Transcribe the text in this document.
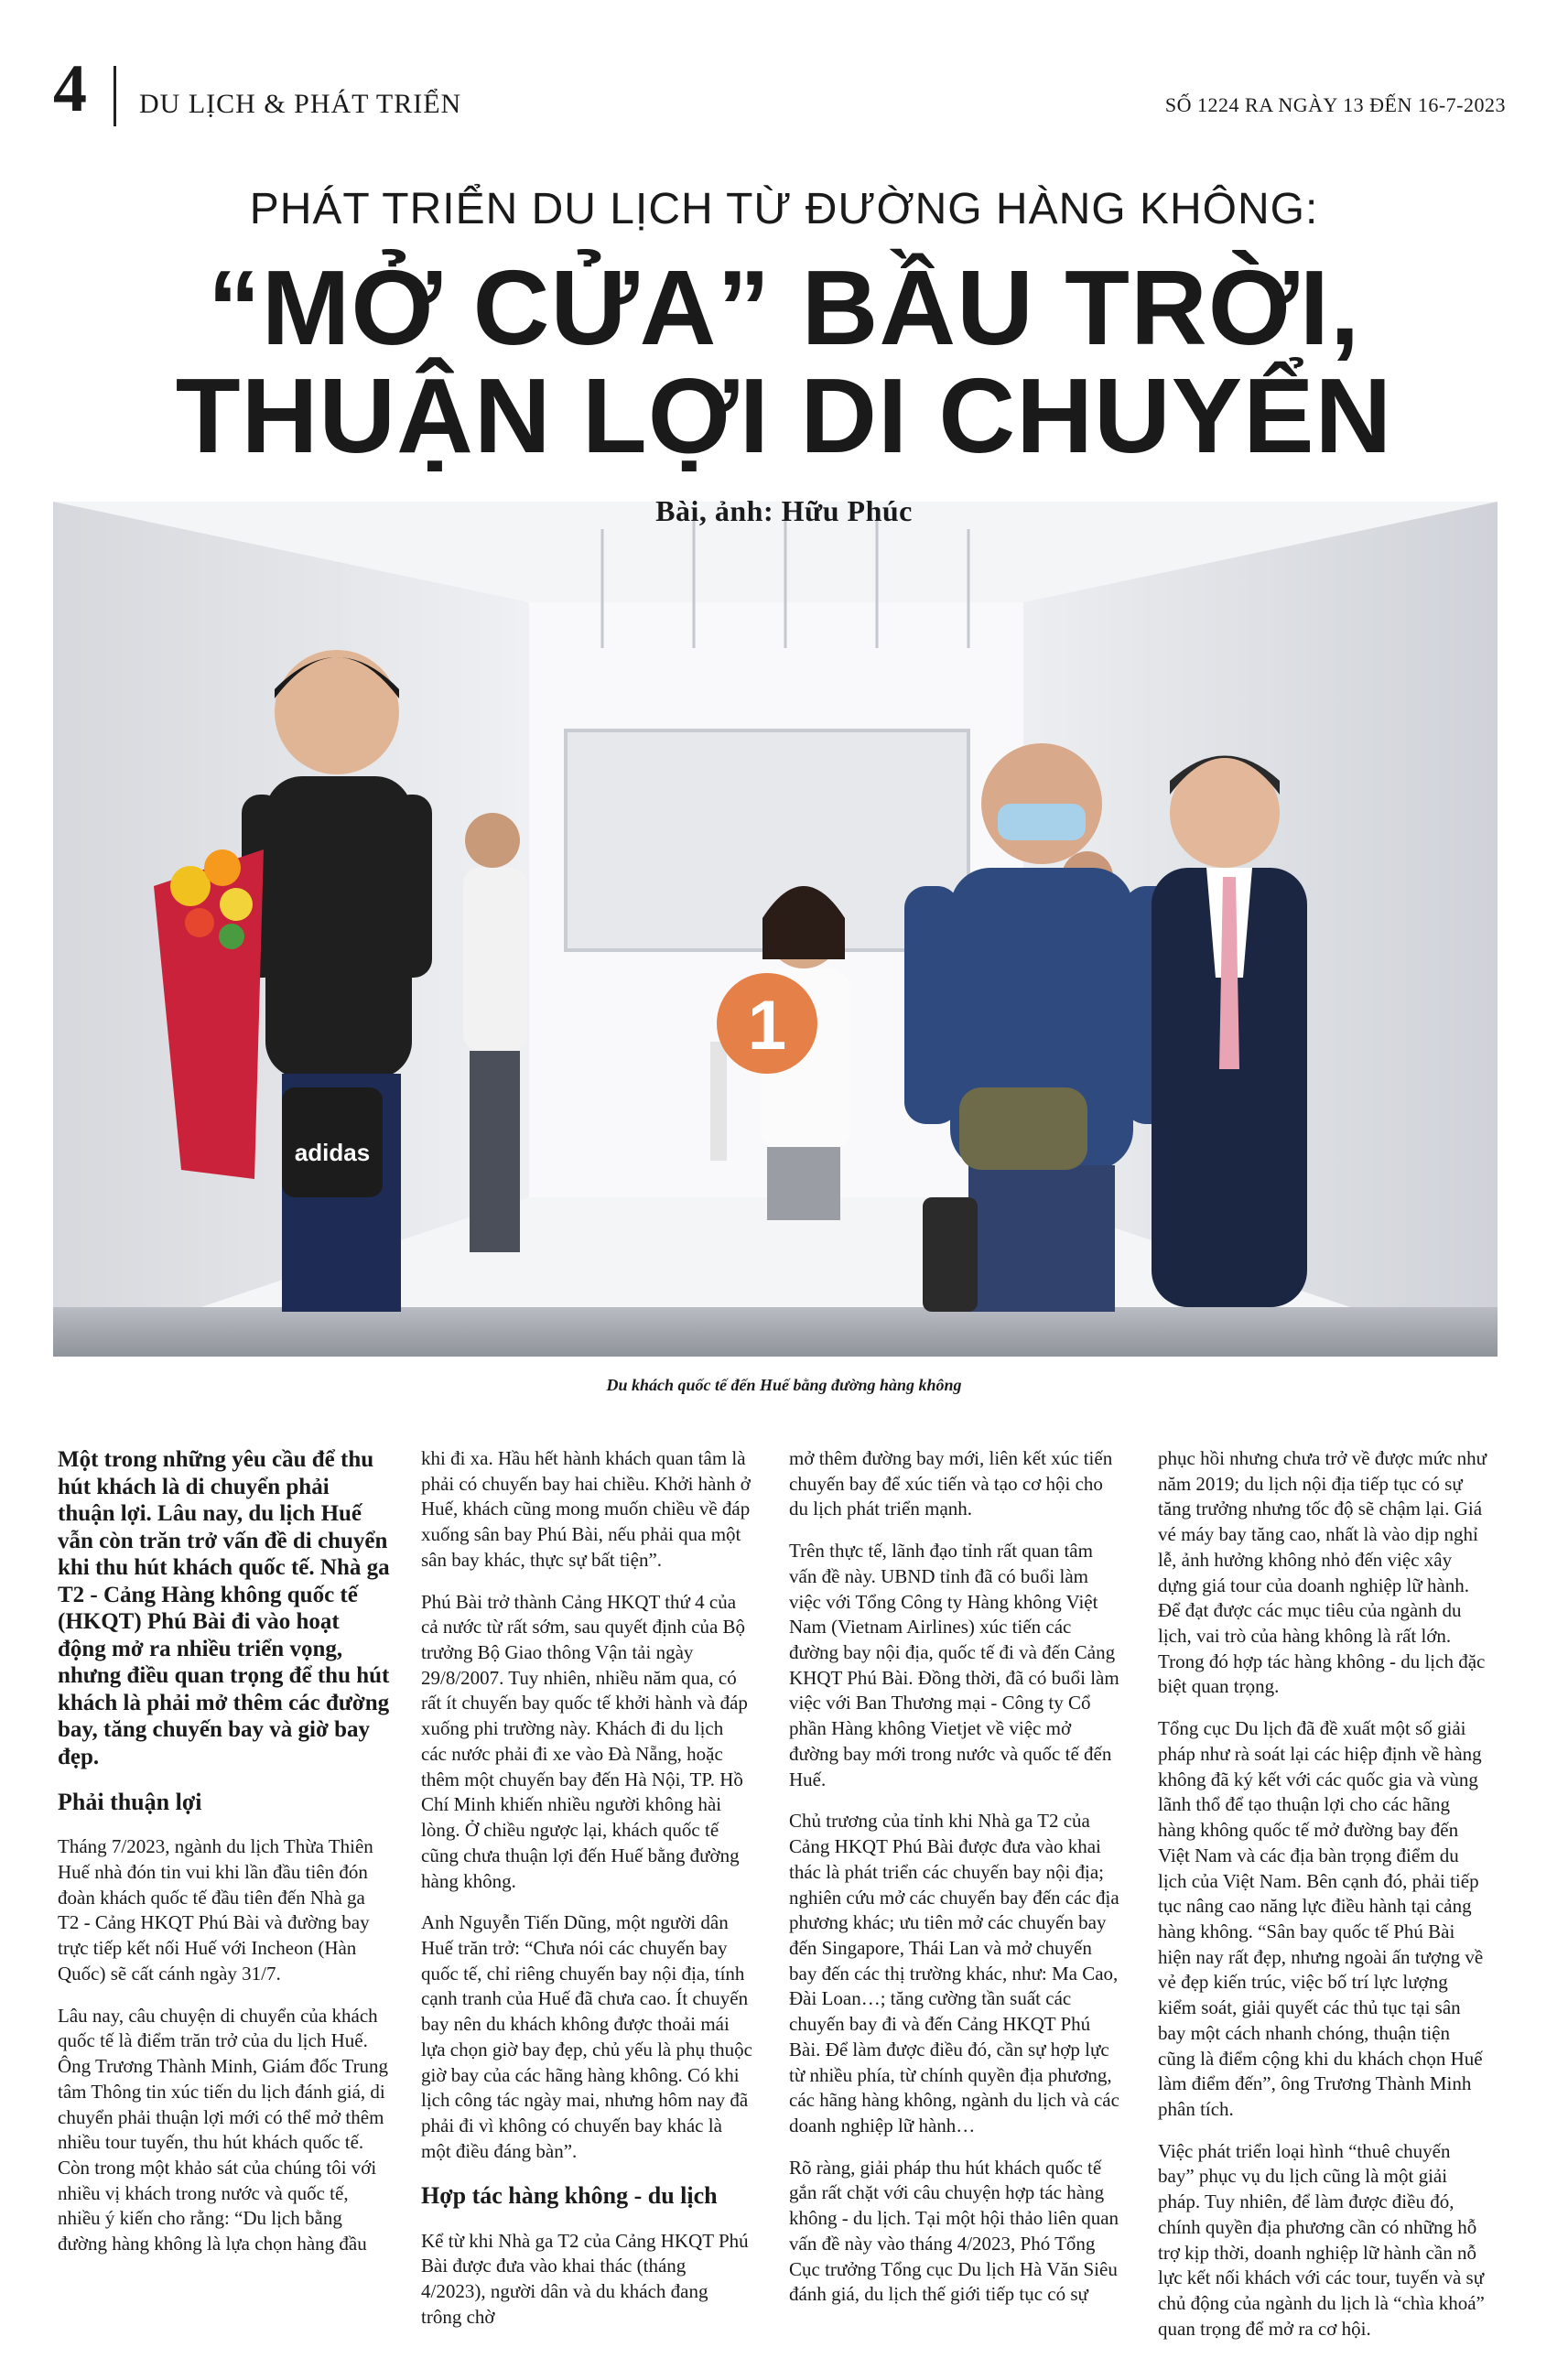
4 DU LỊCH & PHÁT TRIỂN	SỐ 1224 RA NGÀY 13 ĐẾN 16-7-2023
PHÁT TRIỂN DU LỊCH TỪ ĐƯỜNG HÀNG KHÔNG:
“MỞ CỬA” BẦU TRỜI,
THUẬN LỢI DI CHUYỂN
1
adidas
Bài, ảnh: Hữu Phúc
Du khách quốc tế đến Huế bằng đường hàng không

Một trong những yêu cầu để thu hút khách là di chuyển phải thuận lợi. Lâu nay, du lịch Huế vẫn còn trăn trở vấn đề di chuyển khi thu hút khách quốc tế. Nhà ga T2 - Cảng Hàng không quốc tế (HKQT) Phú Bài đi vào hoạt động mở ra nhiều triển vọng, nhưng điều quan trọng để thu hút khách là phải mở thêm các đường bay, tăng chuyến bay và giờ bay đẹp.

Phải thuận lợi

Tháng 7/2023, ngành du lịch Thừa Thiên Huế nhà đón tin vui khi lần đầu tiên đón đoàn khách quốc tế đầu tiên đến Nhà ga T2 - Cảng HKQT Phú Bài và đường bay trực tiếp kết nối Huế với Incheon (Hàn Quốc) sẽ cất cánh ngày 31/7.

Lâu nay, câu chuyện di chuyển của khách quốc tế là điểm trăn trở của du lịch Huế. Ông Trương Thành Minh, Giám đốc Trung tâm Thông tin xúc tiến du lịch đánh giá, di chuyển phải thuận lợi mới có thể mở thêm nhiều tour tuyến, thu hút khách quốc tế. Còn trong một khảo sát của chúng tôi với nhiều vị khách trong nước và quốc tế, nhiều ý kiến cho rằng: “Du lịch bằng đường hàng không là lựa chọn hàng đầu

khi đi xa. Hầu hết hành khách quan tâm là phải có chuyến bay hai chiều. Khởi hành ở Huế, khách cũng mong muốn chiều về đáp xuống sân bay Phú Bài, nếu phải qua một sân bay khác, thực sự bất tiện”.

Phú Bài trở thành Cảng HKQT thứ 4 của cả nước từ rất sớm, sau quyết định của Bộ trưởng Bộ Giao thông Vận tải ngày 29/8/2007. Tuy nhiên, nhiều năm qua, có rất ít chuyến bay quốc tế khởi hành và đáp xuống phi trường này. Khách đi du lịch các nước phải đi xe vào Đà Nẵng, hoặc thêm một chuyến bay đến Hà Nội, TP. Hồ Chí Minh khiến nhiều người không hài lòng. Ở chiều ngược lại, khách quốc tế cũng chưa thuận lợi đến Huế bằng đường hàng không.

Anh Nguyễn Tiến Dũng, một người dân Huế trăn trở: “Chưa nói các chuyến bay quốc tế, chỉ riêng chuyến bay nội địa, tính cạnh tranh của Huế đã chưa cao. Ít chuyến bay nên du khách không được thoải mái lựa chọn giờ bay đẹp, chủ yếu là phụ thuộc giờ bay của các hãng hàng không. Có khi lịch công tác ngày mai, nhưng hôm nay đã phải đi vì không có chuyến bay khác là một điều đáng bàn”.

Hợp tác hàng không - du lịch

Kể từ khi Nhà ga T2 của Cảng HKQT Phú Bài được đưa vào khai thác (tháng 4/2023), người dân và du khách đang trông chờ

mở thêm đường bay mới, liên kết xúc tiến chuyến bay để xúc tiến và tạo cơ hội cho du lịch phát triển mạnh.

Trên thực tế, lãnh đạo tỉnh rất quan tâm vấn đề này. UBND tỉnh đã có buổi làm việc với Tổng Công ty Hàng không Việt Nam (Vietnam Airlines) xúc tiến các đường bay nội địa, quốc tế đi và đến Cảng KHQT Phú Bài. Đồng thời, đã có buổi làm việc với Ban Thương mại - Công ty Cổ phần Hàng không Vietjet về việc mở đường bay mới trong nước và quốc tế đến Huế.

Chủ trương của tỉnh khi Nhà ga T2 của Cảng HKQT Phú Bài được đưa vào khai thác là phát triển các chuyến bay nội địa; nghiên cứu mở các chuyến bay đến các địa phương khác; ưu tiên mở các chuyến bay đến Singapore, Thái Lan và mở chuyến bay đến các thị trường khác, như: Ma Cao, Đài Loan…; tăng cường tần suất các chuyến bay đi và đến Cảng HKQT Phú Bài. Để làm được điều đó, cần sự hợp lực từ nhiều phía, từ chính quyền địa phương, các hãng hàng không, ngành du lịch và các doanh nghiệp lữ hành…

Rõ ràng, giải pháp thu hút khách quốc tế gắn rất chặt với câu chuyện hợp tác hàng không - du lịch. Tại một hội thảo liên quan vấn đề này vào tháng 4/2023, Phó Tổng Cục trưởng Tổng cục Du lịch Hà Văn Siêu đánh giá, du lịch thế giới tiếp tục có sự

phục hồi nhưng chưa trở về được mức như năm 2019; du lịch nội địa tiếp tục có sự tăng trưởng nhưng tốc độ sẽ chậm lại. Giá vé máy bay tăng cao, nhất là vào dịp nghỉ lễ, ảnh hưởng không nhỏ đến việc xây dựng giá tour của doanh nghiệp lữ hành. Để đạt được các mục tiêu của ngành du lịch, vai trò của hàng không là rất lớn. Trong đó hợp tác hàng không - du lịch đặc biệt quan trọng.

Tổng cục Du lịch đã đề xuất một số giải pháp như rà soát lại các hiệp định về hàng không đã ký kết với các quốc gia và vùng lãnh thổ để tạo thuận lợi cho các hãng hàng không quốc tế mở đường bay đến Việt Nam và các địa bàn trọng điểm du lịch của Việt Nam. Bên cạnh đó, phải tiếp tục nâng cao năng lực điều hành tại cảng hàng không. “Sân bay quốc tế Phú Bài hiện nay rất đẹp, nhưng ngoài ấn tượng về vẻ đẹp kiến trúc, việc bố trí lực lượng kiểm soát, giải quyết các thủ tục tại sân bay một cách nhanh chóng, thuận tiện cũng là điểm cộng khi du khách chọn Huế làm điểm đến”, ông Trương Thành Minh phân tích.

Việc phát triển loại hình “thuê chuyến bay” phục vụ du lịch cũng là một giải pháp. Tuy nhiên, để làm được điều đó, chính quyền địa phương cần có những hỗ trợ kịp thời, doanh nghiệp lữ hành cần nỗ lực kết nối khách với các tour, tuyến và sự chủ động của ngành du lịch là “chìa khoá” quan trọng để mở ra cơ hội.
